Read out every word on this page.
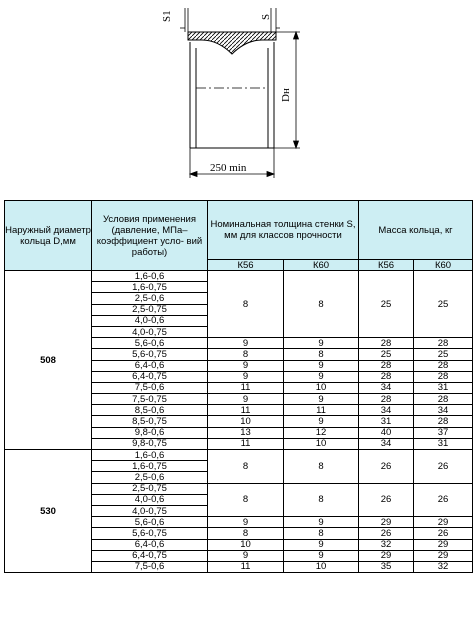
S1	S
Dн
250 min
Наружный диаметр кольца D,мм	Условия применения (давление, МПа– коэффициент усло- вий работы)	Номинальная толщина стенки S, мм для классов прочности		Масса кольца, кг	
		К56	К60	К56	К60
508	1,6-0,6	8	8	25	25
	1,6-0,75				
	2,5-0,6				
	2,5-0,75				
	4,0-0,6				
	4,0-0,75				
	5,6-0,6	9	9	28	28
	5,6-0,75	8	8	25	25
	6,4-0,6	9	9	28	28
	6,4-0,75	9	9	28	28
	7,5-0,6	11	10	34	31
	7,5-0,75	9	9	28	28
	8,5-0,6	11	11	34	34
	8,5-0,75	10	9	31	28
	9,8-0,6	13	12	40	37
	9,8-0,75	11	10	34	31
530	1,6-0,6	8	8	26	26
	1,6-0,75				
	2,5-0,6				
	2,5-0,75	8	8	26	26
	4,0-0,6				
	4,0-0,75				
	5,6-0,6	9	9	29	29
	5,6-0,75	8	8	26	26
	6,4-0,6	10	9	32	29
	6,4-0,75	9	9	29	29
	7,5-0,6	11	10	35	32
